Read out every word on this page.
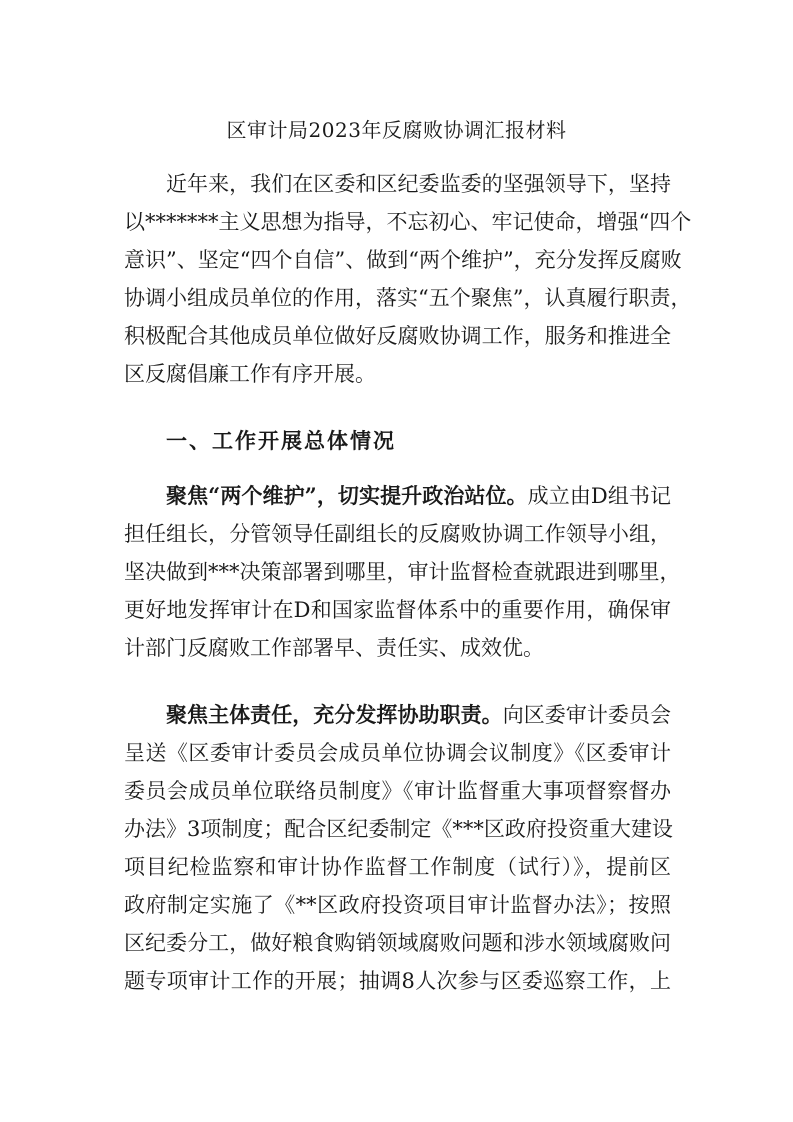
区审计局2023年反腐败协调汇报材料
近年来，我们在区委和区纪委监委的坚强领导下，坚持
以*******主义思想为指导，不忘初心、牢记使命，增强“四个
意识”、坚定“四个自信”、做到“两个维护”，充分发挥反腐败
协调小组成员单位的作用，落实“五个聚焦”，认真履行职责，
积极配合其他成员单位做好反腐败协调工作，服务和推进全
区反腐倡廉工作有序开展。
一、工作开展总体情况
聚焦“两个维护”，切实提升政治站位。成立由D组书记
担任组长，分管领导任副组长的反腐败协调工作领导小组，
坚决做到***决策部署到哪里，审计监督检查就跟进到哪里，
更好地发挥审计在D和国家监督体系中的重要作用，确保审
计部门反腐败工作部署早、责任实、成效优。
聚焦主体责任，充分发挥协助职责。向区委审计委员会
呈送《区委审计委员会成员单位协调会议制度》《区委审计
委员会成员单位联络员制度》《审计监督重大事项督察督办
办法》3项制度；配合区纪委制定《***区政府投资重大建设
项目纪检监察和审计协作监督工作制度（试行）》，提前区
政府制定实施了《**区政府投资项目审计监督办法》；按照
区纪委分工，做好粮食购销领域腐败问题和涉水领域腐败问
题专项审计工作的开展；抽调8人次参与区委巡察工作，上
